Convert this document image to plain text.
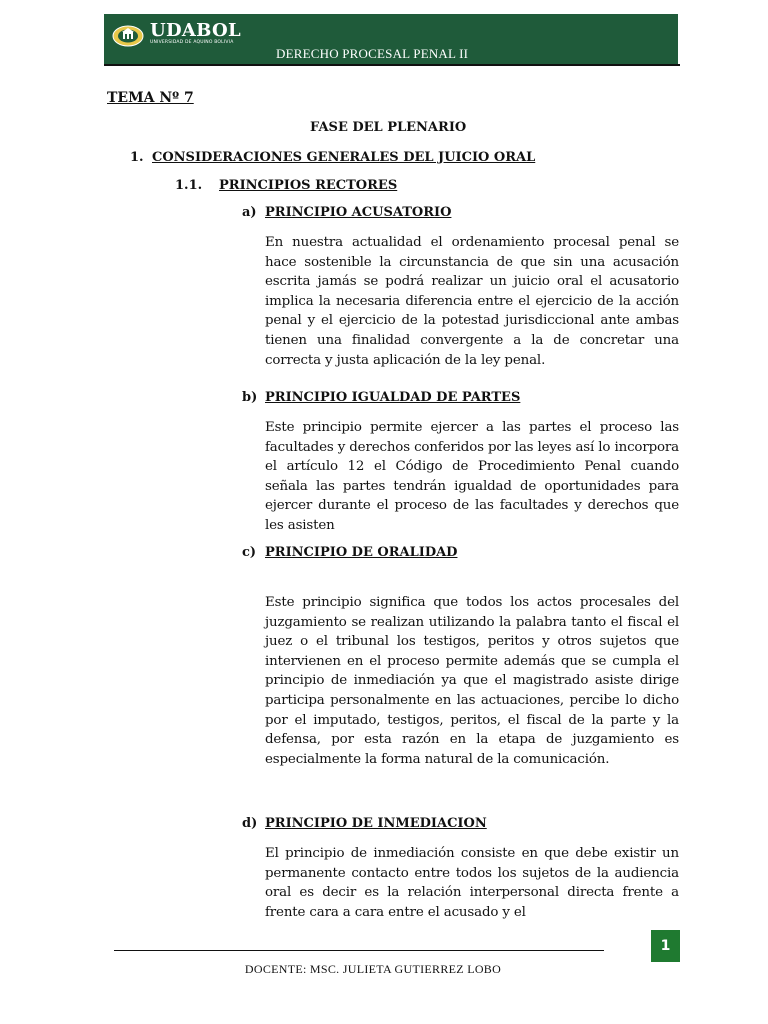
UDABOL
UNIVERSIDAD DE AQUINO BOLIVIA
DERECHO PROCESAL PENAL II
TEMA Nº 7
FASE DEL PLENARIO
1. CONSIDERACIONES GENERALES DEL JUICIO ORAL
1.1. PRINCIPIOS RECTORES
a) PRINCIPIO ACUSATORIO
En nuestra actualidad el ordenamiento procesal penal se hace sostenible la circunstancia de que sin una acusación escrita jamás se podrá realizar un juicio oral el acusatorio implica la necesaria diferencia entre el ejercicio de la acción penal y el ejercicio de la potestad jurisdiccional ante ambas tienen una finalidad convergente a la de concretar una correcta y justa aplicación de la ley penal.
b) PRINCIPIO IGUALDAD DE PARTES
Este principio permite ejercer a las partes el proceso las facultades y derechos conferidos por las leyes así lo incorpora el artículo 12 el Código de Procedimiento Penal cuando señala las partes tendrán igualdad de oportunidades para ejercer durante el proceso de las facultades y derechos que les asisten
c) PRINCIPIO DE ORALIDAD
Este principio significa que todos los actos procesales del juzgamiento se realizan utilizando la palabra tanto el fiscal el juez o el tribunal los testigos, peritos y otros sujetos que intervienen en el proceso permite además que se cumpla el principio de inmediación ya que el magistrado asiste dirige participa personalmente en las actuaciones, percibe lo dicho por el imputado, testigos, peritos, el fiscal de la parte y la defensa, por esta razón en la etapa de juzgamiento es especialmente la forma natural de la comunicación.
d) PRINCIPIO DE INMEDIACION
El principio de inmediación consiste en que debe existir un permanente contacto entre todos los sujetos de la audiencia oral es decir es la relación interpersonal directa frente a frente cara a cara entre el acusado y el
1
DOCENTE: MSC. JULIETA GUTIERREZ LOBO
